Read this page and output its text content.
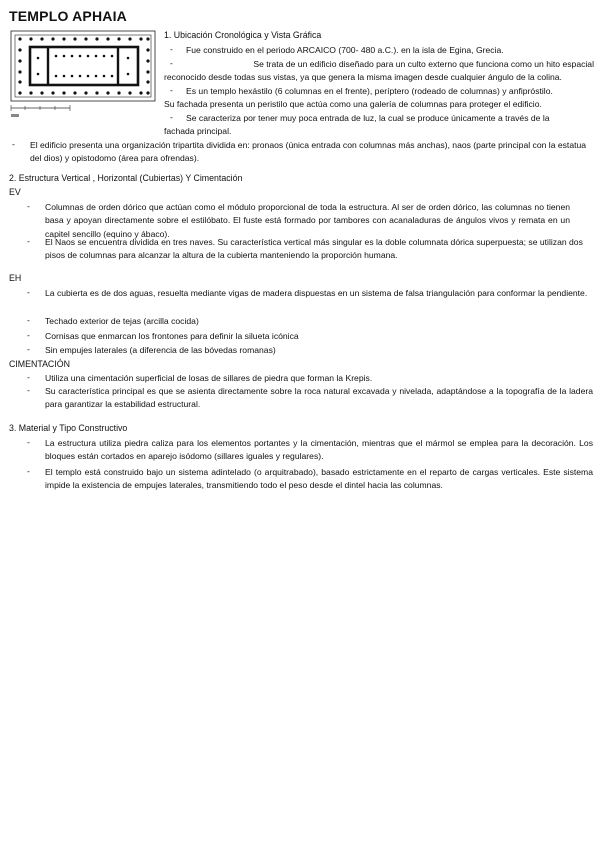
TEMPLO APHAIA
1. Ubicación Cronológica y Vista Gráfica
- Fue construido en el periodo ARCAICO (700- 480 a.C.). en la isla de Egina, Grecia.
-	Se trata de un edificio diseñado para un culto externo que funciona como un hito espacial
reconocido desde todas sus vistas, ya que genera la misma imagen desde cualquier ángulo de la colina.
- Es un templo hexástilo (6 columnas en el frente), períptero (rodeado de columnas) y anfipróstilo.
Su fachada presenta un peristilo que actúa como una galería de columnas para proteger el edificio.
- Se caracteriza por tener muy poca entrada de luz, la cual se produce únicamente a través de la
fachada principal.
- El edificio presenta una organización tripartita dividida en: pronaos (única entrada con columnas más anchas), naos (parte principal con la estatua del dios) y opistodomo (área para ofrendas).
2. Estructura Vertical , Horizontal (Cubiertas) Y Cimentación
EV
- Columnas de orden dórico que actúan como el módulo proporcional de toda la estructura. Al ser de orden dórico, las columnas no tienen basa y apoyan directamente sobre el estilóbato. El fuste está formado por tambores con acanaladuras de ángulos vivos y remata en un capitel sencillo (equino y ábaco).
- El Naos se encuentra dividida en tres naves. Su característica vertical más singular es la doble columnata dórica superpuesta; se utilizan dos pisos de columnas para alcanzar la altura de la cubierta manteniendo la proporción humana.
EH
- La cubierta es de dos aguas, resuelta mediante vigas de madera dispuestas en un sistema de falsa triangulación para conformar la pendiente.
- Techado exterior de tejas (arcilla cocida)
- Cornisas que enmarcan los frontones para definir la silueta icónica
- Sin empujes laterales (a diferencia de las bóvedas romanas)
CIMENTACIÓN
- Utiliza una cimentación superficial de losas de sillares de piedra que forman la Krepis.
- Su característica principal es que se asienta directamente sobre la roca natural excavada y nivelada, adaptándose a la topografía de la ladera para garantizar la estabilidad estructural.
3. Material y Tipo Constructivo
- La estructura utiliza piedra caliza para los elementos portantes y la cimentación, mientras que el mármol se emplea para la decoración. Los bloques están cortados en aparejo isódomo (sillares iguales y regulares).
- El templo está construido bajo un sistema adintelado (o arquitrabado), basado estrictamente en el reparto de cargas verticales. Este sistema impide la existencia de empujes laterales, transmitiendo todo el peso desde el dintel hacia las columnas.
